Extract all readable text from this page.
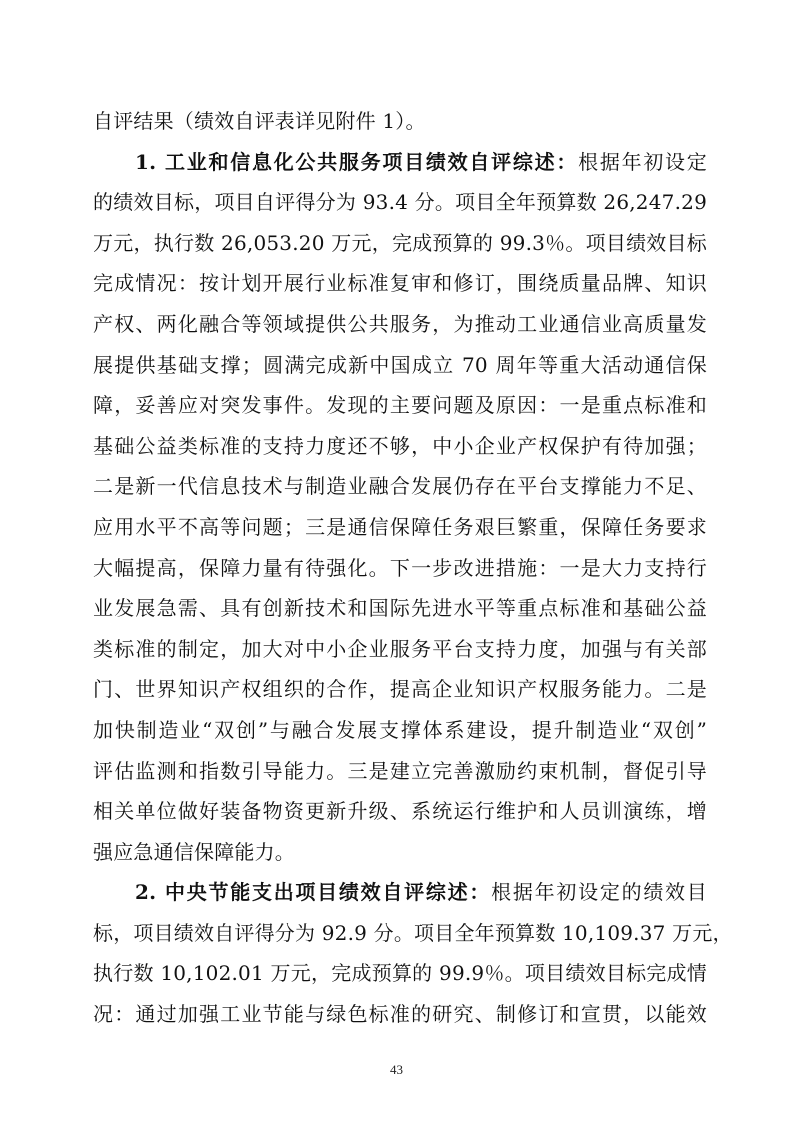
自评结果（绩效自评表详见附件 1）。
1. 工业和信息化公共服务项目绩效自评综述：根据年初设定
的绩效目标，项目自评得分为 93.4 分。项目全年预算数 26,247.29
万元，执行数 26,053.20 万元，完成预算的 99.3％。项目绩效目标
完成情况：按计划开展行业标准复审和修订，围绕质量品牌、知识
产权、两化融合等领域提供公共服务，为推动工业通信业高质量发
展提供基础支撑；圆满完成新中国成立 70 周年等重大活动通信保
障，妥善应对突发事件。发现的主要问题及原因：一是重点标准和
基础公益类标准的支持力度还不够，中小企业产权保护有待加强；
二是新一代信息技术与制造业融合发展仍存在平台支撑能力不足、
应用水平不高等问题；三是通信保障任务艰巨繁重，保障任务要求
大幅提高，保障力量有待强化。下一步改进措施：一是大力支持行
业发展急需、具有创新技术和国际先进水平等重点标准和基础公益
类标准的制定，加大对中小企业服务平台支持力度，加强与有关部
门、世界知识产权组织的合作，提高企业知识产权服务能力。二是
加快制造业“双创”与融合发展支撑体系建设，提升制造业“双创”
评估监测和指数引导能力。三是建立完善激励约束机制，督促引导
相关单位做好装备物资更新升级、系统运行维护和人员训演练，增
强应急通信保障能力。
2. 中央节能支出项目绩效自评综述：根据年初设定的绩效目
标，项目绩效自评得分为 92.9 分。项目全年预算数 10,109.37 万元，
执行数 10,102.01 万元，完成预算的 99.9％。项目绩效目标完成情
况：通过加强工业节能与绿色标准的研究、制修订和宣贯，以能效
43
